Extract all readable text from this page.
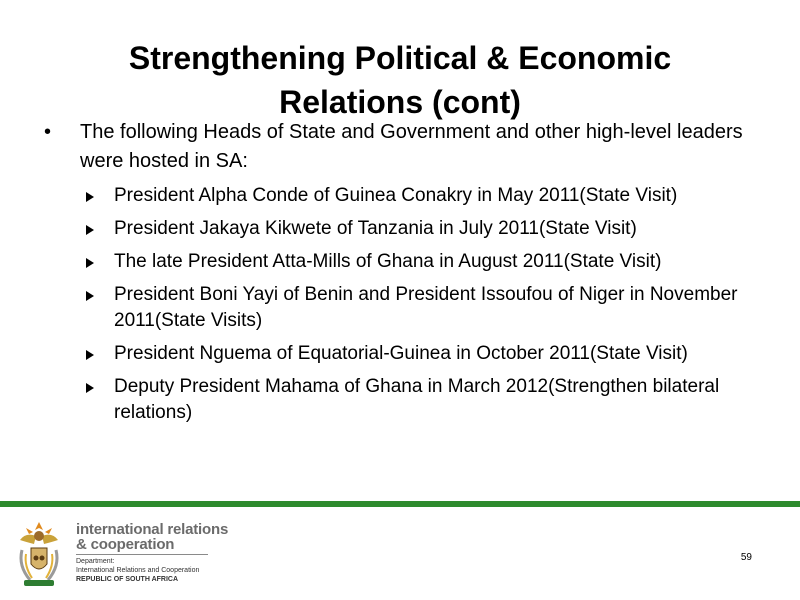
Strengthening Political & Economic
Relations (cont)
• The following Heads of State and Government and other high-level leaders were hosted in SA:
President Alpha Conde of Guinea Conakry in May 2011(State Visit)
President Jakaya Kikwete of Tanzania in July 2011(State Visit)
The late President Atta-Mills of Ghana in August 2011(State Visit)
President Boni Yayi of Benin and President Issoufou of Niger in November 2011(State Visits)
President Nguema of Equatorial-Guinea in October 2011(State Visit)
Deputy President Mahama of Ghana in March 2012(Strengthen bilateral relations)
international relations
& cooperation
Department:
International Relations and Cooperation
REPUBLIC OF SOUTH AFRICA
59
